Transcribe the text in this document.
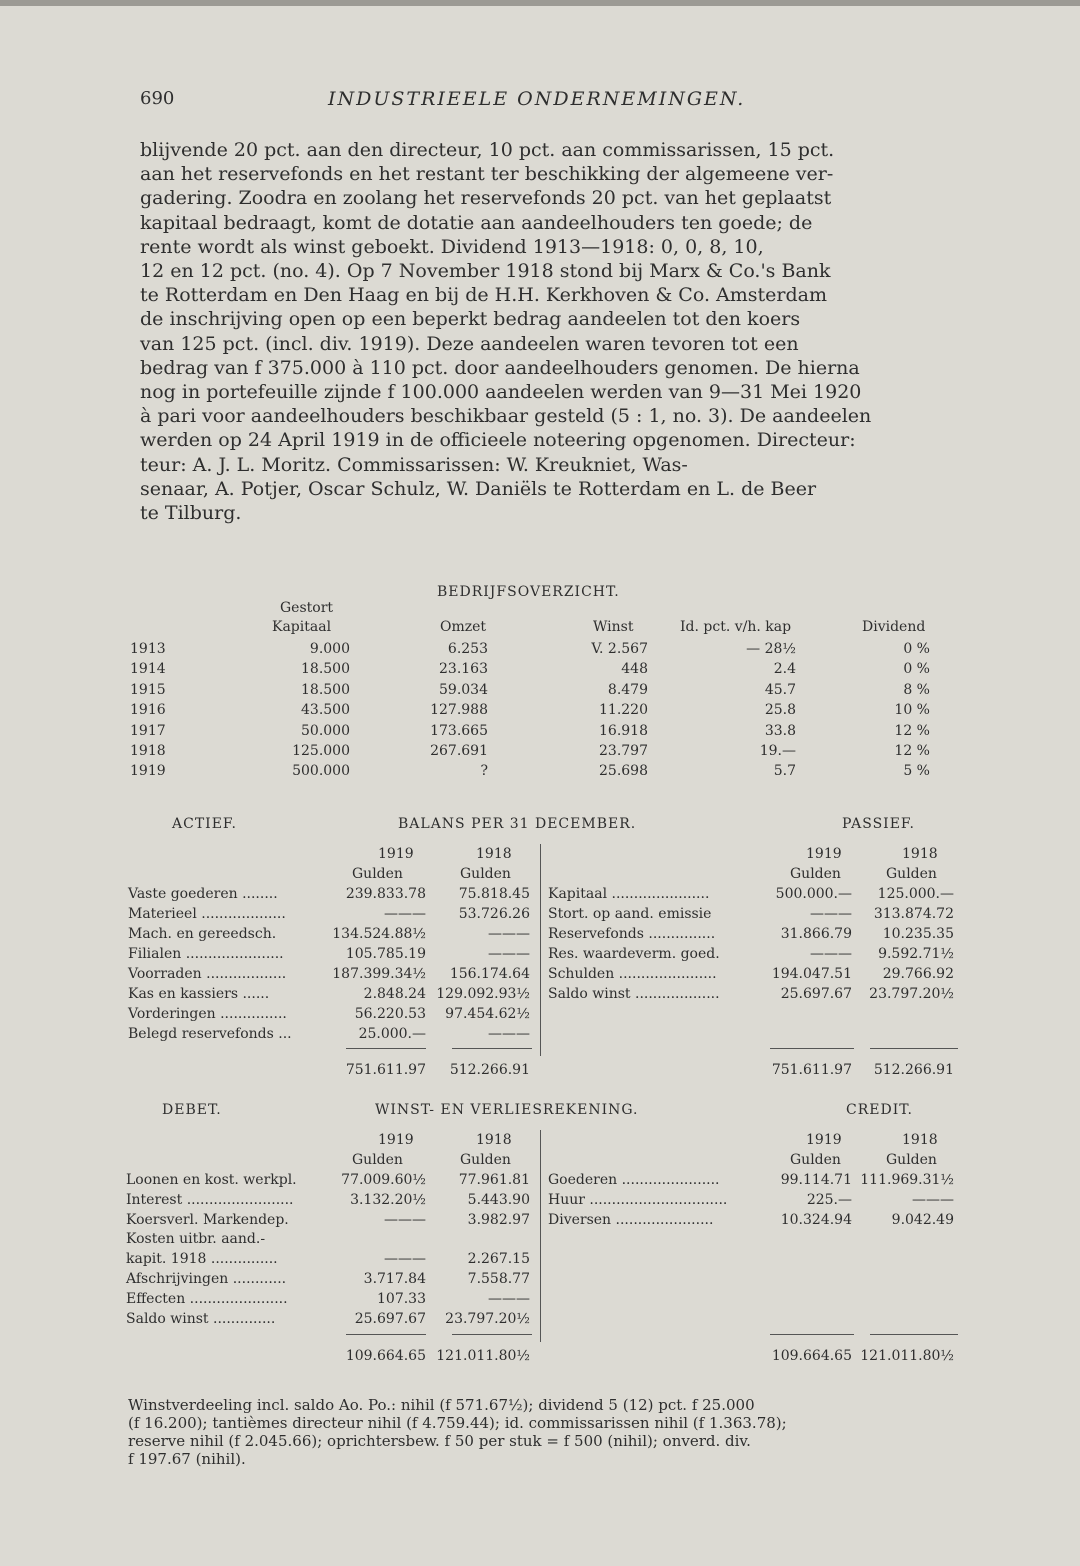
690	INDUSTRIEELE ONDERNEMINGEN.
blijvende 20 pct. aan den directeur, 10 pct. aan commissarissen, 15 pct.
aan het reservefonds en het restant ter beschikking der algemeene ver-
gadering. Zoodra en zoolang het reservefonds 20 pct. van het geplaatst
kapitaal bedraagt, komt de dotatie aan aandeelhouders ten goede; de
rente wordt als winst geboekt. Dividend 1913—1918: 0, 0, 8, 10,
12 en 12 pct. (no. 4). Op 7 November 1918 stond bij Marx & Co.'s Bank
te Rotterdam en Den Haag en bij de H.H. Kerkhoven & Co. Amsterdam
de inschrijving open op een beperkt bedrag aandeelen tot den koers
van 125 pct. (incl. div. 1919). Deze aandeelen waren tevoren tot een
bedrag van f 375.000 à 110 pct. door aandeelhouders genomen. De hierna
nog in portefeuille zijnde f 100.000 aandeelen werden van 9—31 Mei 1920
à pari voor aandeelhouders beschikbaar gesteld (5 : 1, no. 3). De aandeelen
werden op 24 April 1919 in de officieele noteering opgenomen. Directeur:
teur: A. J. L. Moritz. Commissarissen: W. Kreukniet, Was-
senaar, A. Potjer, Oscar Schulz, W. Daniëls te Rotterdam en L. de Beer
te Tilburg.
BEDRIJFSOVERZICHT.
Gestort
Kapitaal	Omzet	Winst	Id. pct. v/h. kap	Dividend
1913	9.000	6.253	V. 2.567	— 28½	0 %
1914	18.500	23.163	448	2.4	0 %
1915	18.500	59.034	8.479	45.7	8 %
1916	43.500	127.988	11.220	25.8	10 %
1917	50.000	173.665	16.918	33.8	12 %
1918	125.000	267.691	23.797	19.—	12 %
1919	500.000	?	25.698	5.7	5 %
ACTIEF.	BALANS PER 31 DECEMBER.	PASSIEF.
1919	1918
Gulden	Gulden
1919	1918
Gulden	Gulden
Vaste goederen ........	239.833.78	75.818.45
Materieel ...................	———	53.726.26
Mach. en gereedsch.	134.524.88½	———
Filialen ......................	105.785.19	———
Voorraden ..................	187.399.34½	156.174.64
Kas en kassiers ......	2.848.24 129.092.93½
Vorderingen ...............	56.220.53	97.454.62½
Belegd reservefonds ...	25.000.—	———
Kapitaal ......................	500.000.—	125.000.—
Stort. op aand. emissie	———	313.874.72
Reservefonds ...............	31.866.79	10.235.35
Res. waardeverm. goed.	———	9.592.71½
Schulden ......................	194.047.51	29.766.92
Saldo winst ...................	25.697.67	23.797.20½
751.611.97	512.266.91	751.611.97	512.266.91
DEBET.	WINST- EN VERLIESREKENING.	CREDIT.
1919	1918
Gulden	Gulden
1919	1918
Gulden	Gulden
Loonen en kost. werkpl.	77.009.60½	77.961.81
Interest ........................	3.132.20½	5.443.90
Koersverl. Markendep.	———	3.982.97
Kosten uitbr. aand.-
kapit. 1918 ...............	———	2.267.15
Afschrijvingen ............	3.717.84	7.558.77
Effecten ......................	107.33	———
Saldo winst ..............	25.697.67	23.797.20½
Goederen ......................	99.114.71 111.969.31½
Huur ...............................	225.—	———
Diversen ......................	10.324.94	9.042.49
109.664.65 121.011.80½	109.664.65 121.011.80½
Winstverdeeling incl. saldo Ao. Po.: nihil (f 571.67½); dividend 5 (12) pct. f 25.000
(f 16.200); tantièmes directeur nihil (f 4.759.44); id. commissarissen nihil (f 1.363.78);
reserve nihil (f 2.045.66); oprichtersbew. f 50 per stuk = f 500 (nihil); onverd. div.
f 197.67 (nihil).
